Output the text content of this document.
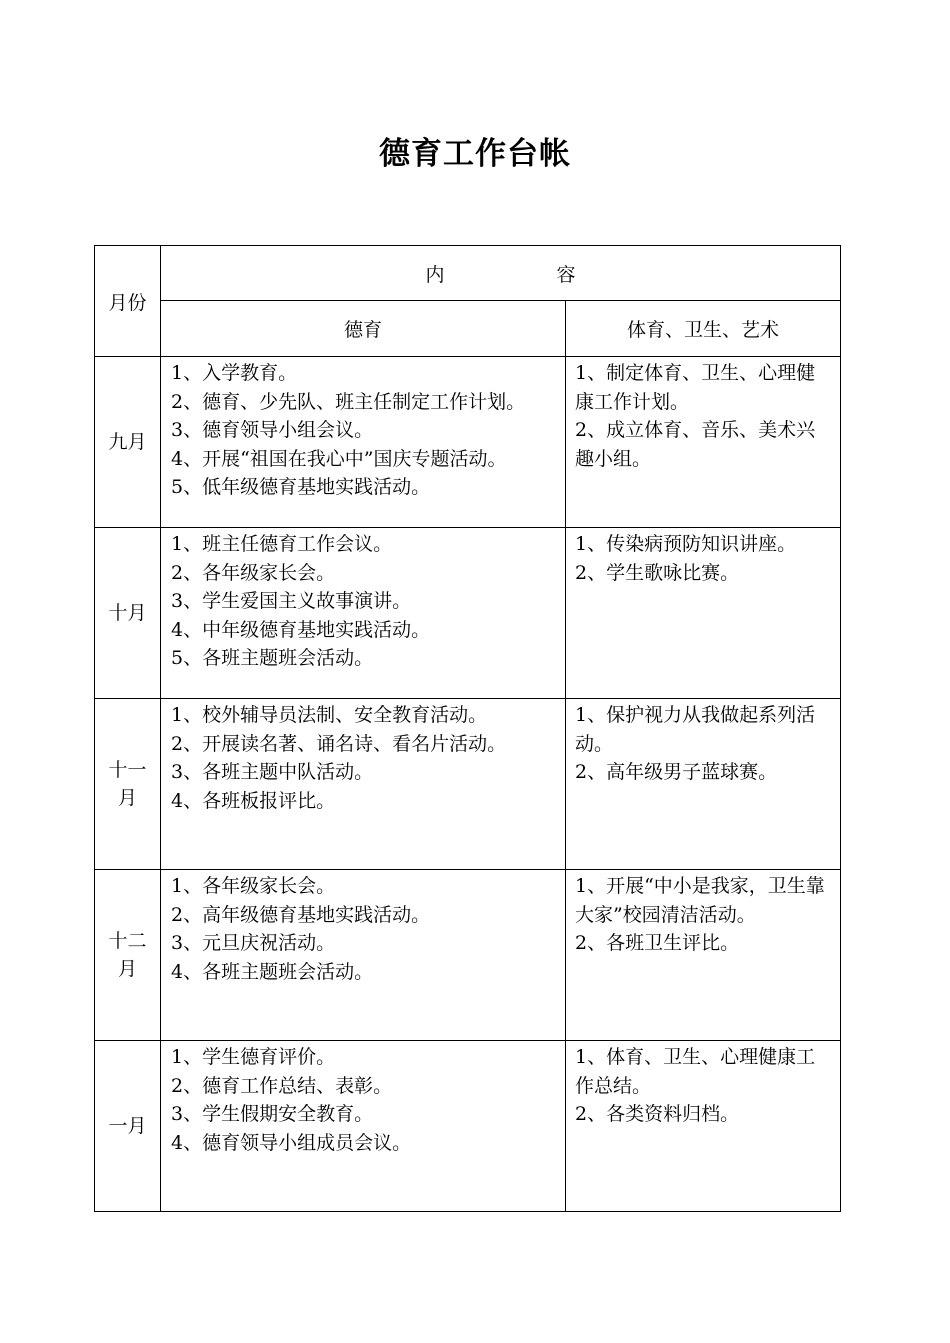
德育工作台帐
月份	内 容	
	德育	体育、卫生、艺术
九月	1、入学教育。
2、德育、少先队、班主任制定工作计划。
3、德育领导小组会议。
4、开展“祖国在我心中”国庆专题活动。
5、低年级德育基地实践活动。	1、制定体育、卫生、心理健康工作计划。
2、成立体育、音乐、美术兴趣小组。

十月	1、班主任德育工作会议。
2、各年级家长会。
3、学生爱国主义故事演讲。
4、中年级德育基地实践活动。
5、各班主题班会活动。	1、传染病预防知识讲座。
2、学生歌咏比赛。

十一
月	1、校外辅导员法制、安全教育活动。
2、开展读名著、诵名诗、看名片活动。
3、各班主题中队活动。
4、各班板报评比。	1、保护视力从我做起系列活动。
2、高年级男子蓝球赛。

十二
月	1、各年级家长会。
2、高年级德育基地实践活动。
3、元旦庆祝活动。
4、各班主题班会活动。	1、开展“中小是我家，卫生靠大家”校园清洁活动。
2、各班卫生评比。

一月	1、学生德育评价。
2、德育工作总结、表彰。
3、学生假期安全教育。
4、德育领导小组成员会议。	1、体育、卫生、心理健康工作总结。
2、各类资料归档。
